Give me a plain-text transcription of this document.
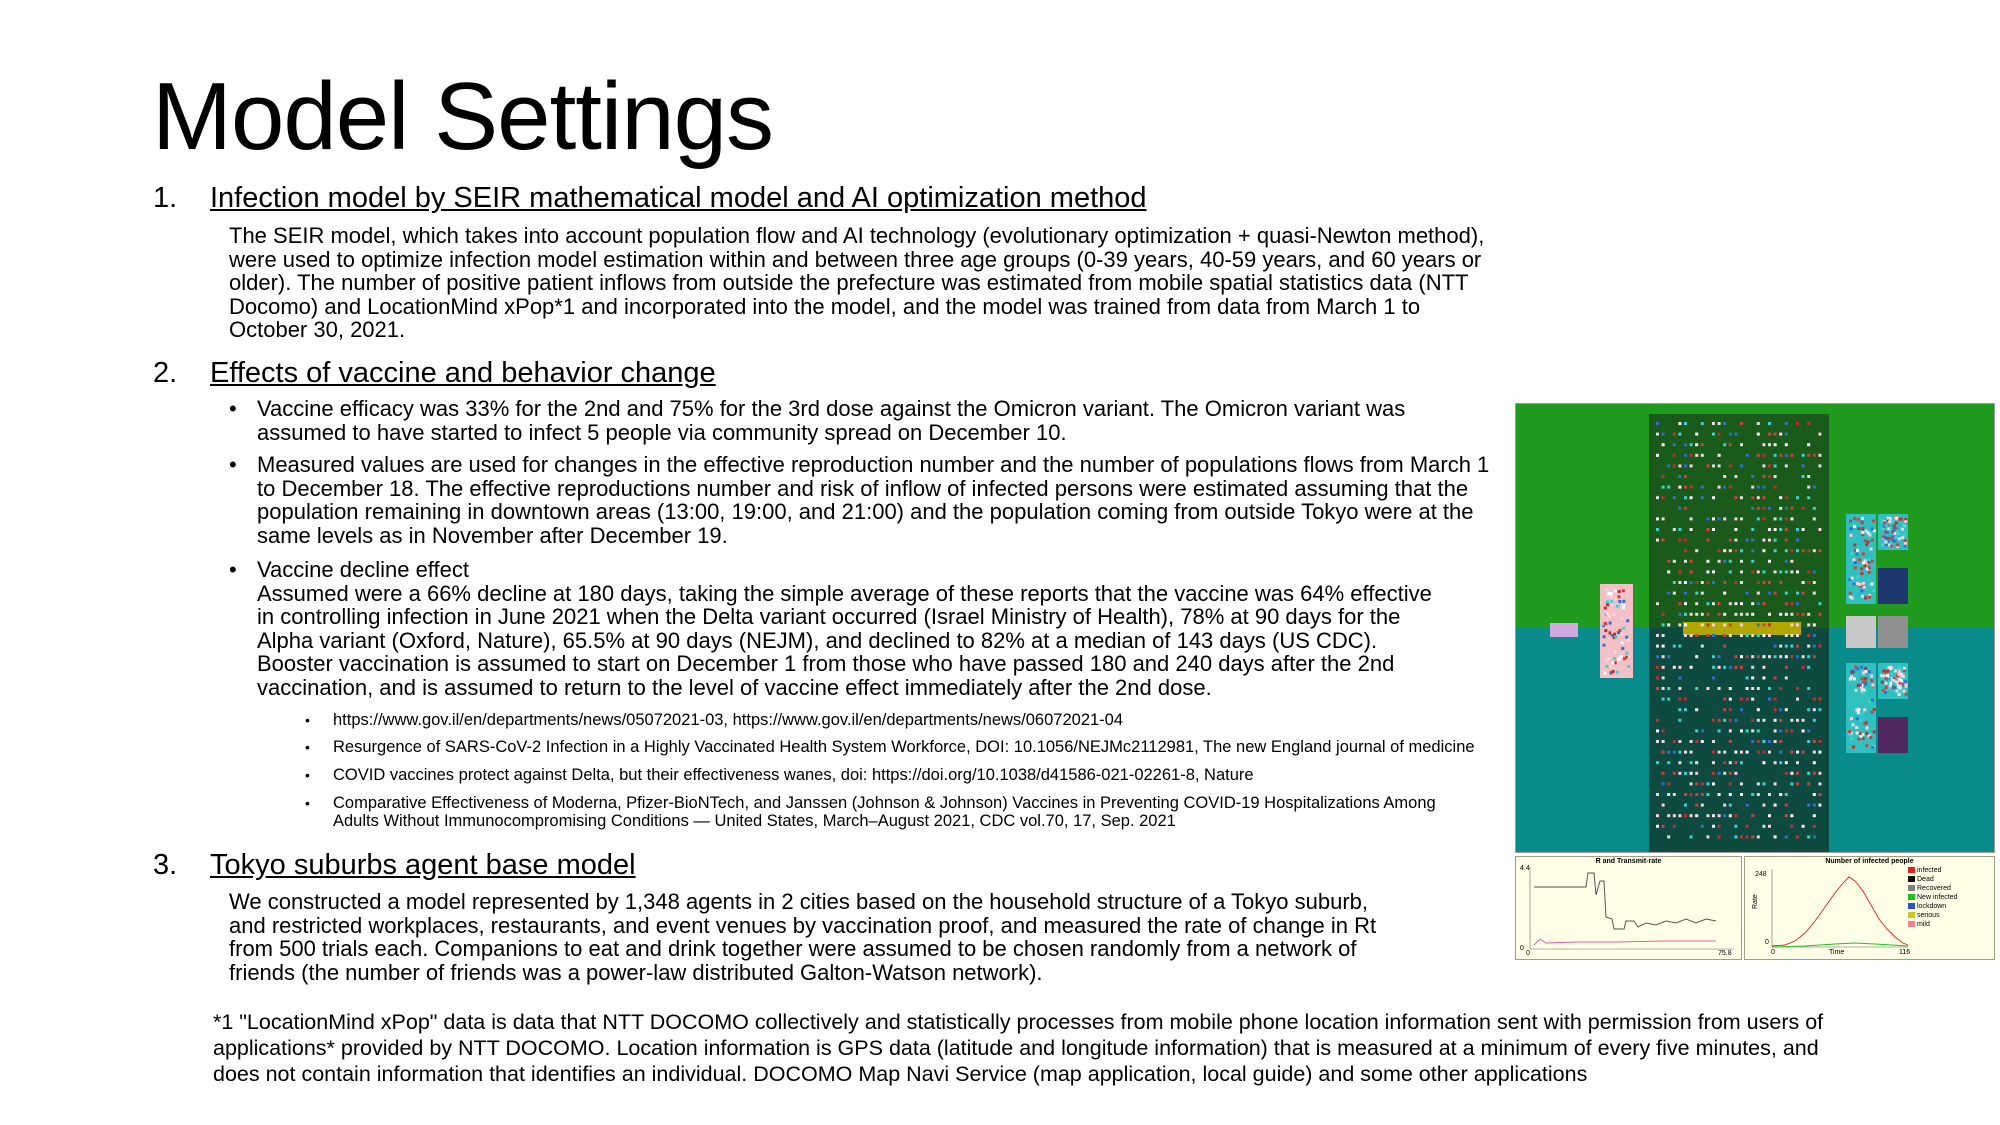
Model Settings
1. Infection model by SEIR mathematical model and AI optimization method
The SEIR model, which takes into account population flow and AI technology (evolutionary optimization + quasi-Newton method),
were used to optimize infection model estimation within and between three age groups (0-39 years, 40-59 years, and 60 years or
older). The number of positive patient inflows from outside the prefecture was estimated from mobile spatial statistics data (NTT
Docomo) and LocationMind xPop*1 and incorporated into the model, and the model was trained from data from March 1 to
October 30, 2021.
2. Effects of vaccine and behavior change
• Vaccine efficacy was 33% for the 2nd and 75% for the 3rd dose against the Omicron variant. The Omicron variant was
assumed to have started to infect 5 people via community spread on December 10.
• Measured values are used for changes in the effective reproduction number and the number of populations flows from March 1
to December 18. The effective reproductions number and risk of inflow of infected persons were estimated assuming that the
population remaining in downtown areas (13:00, 19:00, and 21:00) and the population coming from outside Tokyo were at the
same levels as in November after December 19.
• Vaccine decline effect
Assumed were a 66% decline at 180 days, taking the simple average of these reports that the vaccine was 64% effective
in controlling infection in June 2021 when the Delta variant occurred (Israel Ministry of Health), 78% at 90 days for the
Alpha variant (Oxford, Nature), 65.5% at 90 days (NEJM), and declined to 82% at a median of 143 days (US CDC).
Booster vaccination is assumed to start on December 1 from those who have passed 180 and 240 days after the 2nd
vaccination, and is assumed to return to the level of vaccine effect immediately after the 2nd dose.
• https://www.gov.il/en/departments/news/05072021-03, https://www.gov.il/en/departments/news/06072021-04
• Resurgence of SARS-CoV-2 Infection in a Highly Vaccinated Health System Workforce, DOI: 10.1056/NEJMc2112981, The new England journal of medicine
• COVID vaccines protect against Delta, but their effectiveness wanes, doi: https://doi.org/10.1038/d41586-021-02261-8, Nature
• Comparative Effectiveness of Moderna, Pfizer-BioNTech, and Janssen (Johnson & Johnson) Vaccines in Preventing COVID-19 Hospitalizations Among
Adults Without Immunocompromising Conditions — United States, March–August 2021, CDC vol.70, 17, Sep. 2021
3. Tokyo suburbs agent base model
We constructed a model represented by 1,348 agents in 2 cities based on the household structure of a Tokyo suburb,
and restricted workplaces, restaurants, and event venues by vaccination proof, and measured the rate of change in Rt
from 500 trials each. Companions to eat and drink together were assumed to be chosen randomly from a network of
friends (the number of friends was a power-law distributed Galton-Watson network).
*1 "LocationMind xPop" data is data that NTT DOCOMO collectively and statistically processes from mobile phone location information sent with permission from users of
applications* provided by NTT DOCOMO. Location information is GPS data (latitude and longitude information) that is measured at a minimum of every five minutes, and
does not contain information that identifies an individual. DOCOMO Map Navi Service (map application, local guide) and some other applications
R and Transmit-rate
4.4
0
0	75.8
Number of infected people
Rate
248
0
0	Time	116
infected
Dead
Recovered
New infected
lockdown
serious
mild
